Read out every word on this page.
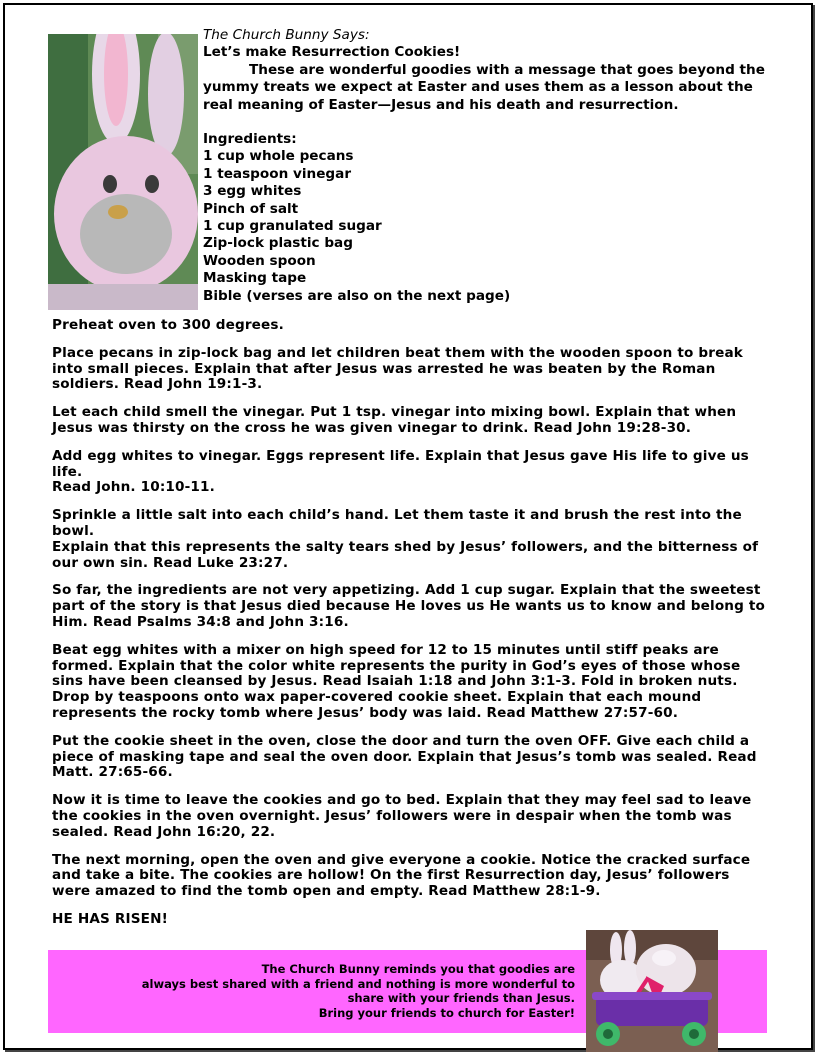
The Church Bunny Says:
Let’s make Resurrection Cookies!
These are wonderful goodies with a message that goes beyond the yummy treats we expect at Easter and uses them as a lesson about the real meaning of Easter—Jesus and his death and resurrection.
Ingredients:
1 cup whole pecans
1 teaspoon vinegar
3 egg whites
Pinch of salt
1 cup granulated sugar
Zip-lock plastic bag
Wooden spoon
Masking tape
Bible (verses are also on the next page)

Preheat oven to 300 degrees.

Place pecans in zip-lock bag and let children beat them with the wooden spoon to break into small pieces. Explain that after Jesus was arrested he was beaten by the Roman soldiers. Read John 19:1-3.

Let each child smell the vinegar. Put 1 tsp. vinegar into mixing bowl. Explain that when Jesus was thirsty on the cross he was given vinegar to drink. Read John 19:28-30.

Add egg whites to vinegar. Eggs represent life. Explain that Jesus gave His life to give us life.
Read John. 10:10-11.

Sprinkle a little salt into each child’s hand. Let them taste it and brush the rest into the bowl.
Explain that this represents the salty tears shed by Jesus’ followers, and the bitterness of our own sin. Read Luke 23:27.

So far, the ingredients are not very appetizing. Add 1 cup sugar. Explain that the sweetest part of the story is that Jesus died because He loves us He wants us to know and belong to Him. Read Psalms 34:8 and John 3:16.

Beat egg whites with a mixer on high speed for 12 to 15 minutes until stiff peaks are formed. Explain that the color white represents the purity in God’s eyes of those whose sins have been cleansed by Jesus. Read Isaiah 1:18 and John 3:1-3. Fold in broken nuts. Drop by teaspoons onto wax paper-covered cookie sheet. Explain that each mound represents the rocky tomb where Jesus’ body was laid. Read Matthew 27:57-60.

Put the cookie sheet in the oven, close the door and turn the oven OFF. Give each child a piece of masking tape and seal the oven door. Explain that Jesus’s tomb was sealed. Read Matt. 27:65-66.

Now it is time to leave the cookies and go to bed. Explain that they may feel sad to leave the cookies in the oven overnight. Jesus’ followers were in despair when the tomb was sealed. Read John 16:20, 22.

The next morning, open the oven and give everyone a cookie. Notice the cracked surface and take a bite. The cookies are hollow! On the first Resurrection day, Jesus’ followers were amazed to find the tomb open and empty. Read Matthew 28:1-9.

HE HAS RISEN!

The Church Bunny reminds you that goodies are
always best shared with a friend and nothing is more wonderful to
share with your friends than Jesus.
Bring your friends to church for Easter!
